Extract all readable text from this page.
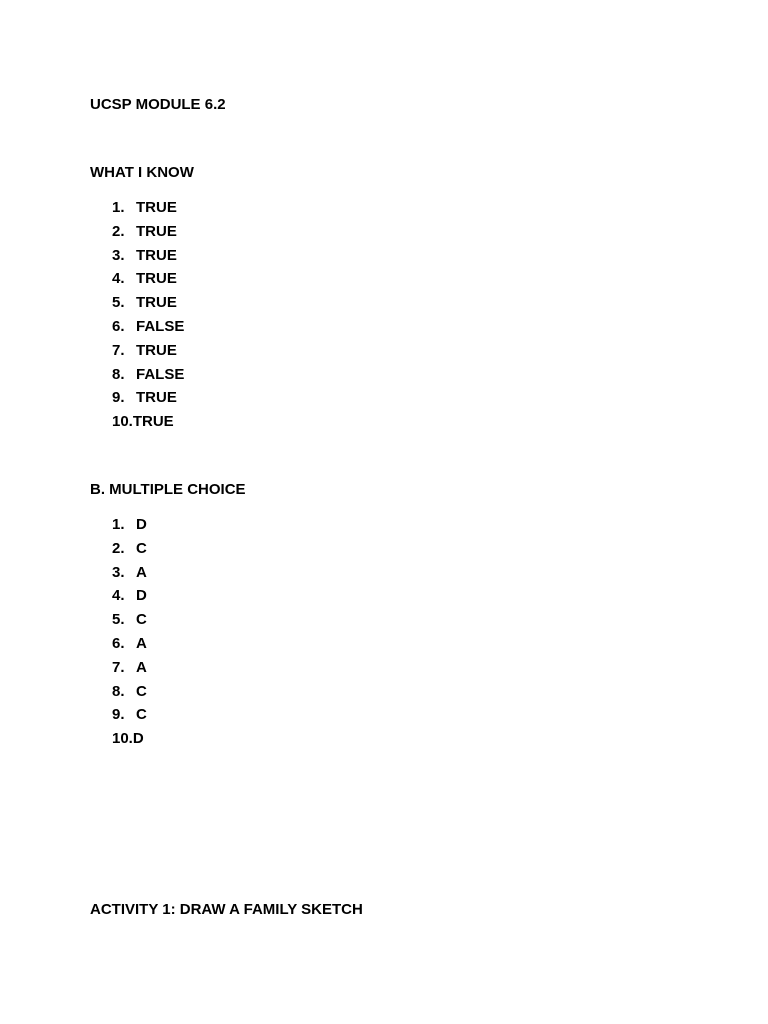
UCSP MODULE 6.2
WHAT I KNOW
1. TRUE
2. TRUE
3. TRUE
4. TRUE
5. TRUE
6. FALSE
7. TRUE
8. FALSE
9. TRUE
10.TRUE
B. MULTIPLE CHOICE
1. D
2. C
3. A
4. D
5. C
6. A
7. A
8. C
9. C
10.D
ACTIVITY 1: DRAW A FAMILY SKETCH
